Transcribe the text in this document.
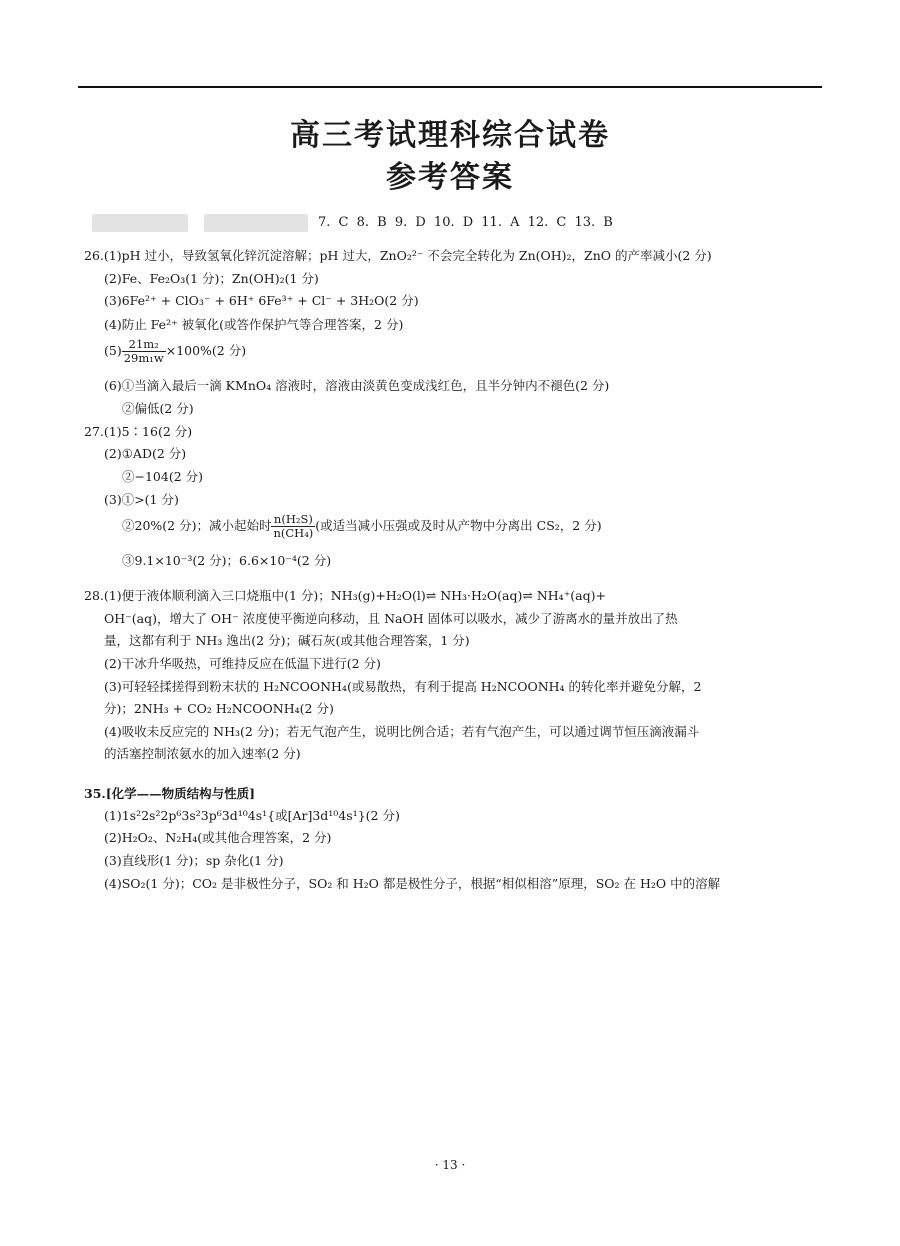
高三考试理科综合试卷
参考答案
7. C 8. B 9. D 10. D 11. A 12. C 13. B
26.(1)pH 过小，导致氢氧化锌沉淀溶解；pH 过大，ZnO₂²⁻ 不会完全转化为 Zn(OH)₂，ZnO 的产率减小(2 分)
(2)Fe、Fe₂O₃(1 分)；Zn(OH)₂(1 分)
(3)6Fe²⁺ + ClO₃⁻ + 6H⁺ 6Fe³⁺ + Cl⁻ + 3H₂O(2 分)
(4)防止 Fe²⁺ 被氧化(或答作保护气等合理答案，2 分)
$(5) \frac{\text{21m₂}}{\text{29m₁w}} \times 100\%(2$ 分)
(6)①当滴入最后一滴 KMnO₄ 溶液时，溶液由淡黄色变成浅红色，且半分钟内不褪色(2 分)
②偏低(2 分)
27.(1)5∶16(2 分)
(2)①AD(2 分)
②−104(2 分)
(3)①>(1 分)
②20%(2 分)；减小起始时 $\frac{\text{n(H₂S)}}{\text{n(CH₄)}}$ (或适当减小压强或及时从产物中分离出 CS₂，2 分)
③9.1×10⁻³(2 分)；6.6×10⁻⁴(2 分)
28.(1)便于液体顺利滴入三口烧瓶中(1 分)；NH₃(g)+H₂O(l)⇌ NH₃·H₂O(aq)⇌ NH₄⁺(aq)+
OH⁻(aq)，增大了 OH⁻ 浓度使平衡逆向移动，且 NaOH 固体可以吸水，减少了游离水的量并放出了热
量，这都有利于 NH₃ 逸出(2 分)；碱石灰(或其他合理答案，1 分)
(2)干冰升华吸热，可维持反应在低温下进行(2 分)
(3)可轻轻揉搓得到粉末状的 H₂NCOONH₄(或易散热，有利于提高 H₂NCOONH₄ 的转化率并避免分解，2
分)；2NH₃ + CO₂ H₂NCOONH₄(2 分)
(4)吸收未反应完的 NH₃(2 分)；若无气泡产生，说明比例合适；若有气泡产生，可以通过调节恒压滴液漏斗
的活塞控制浓氨水的加入速率(2 分)
35.[化学——物质结构与性质]
(1)1s²2s²2p⁶3s²3p⁶3d¹⁰4s¹{或[Ar]3d¹⁰4s¹}(2 分)
(2)H₂O₂、N₂H₄(或其他合理答案，2 分)
(3)直线形(1 分)；sp 杂化(1 分)
(4)SO₂(1 分)；CO₂ 是非极性分子，SO₂ 和 H₂O 都是极性分子，根据“相似相溶”原理，SO₂ 在 H₂O 中的溶解
· 13 ·
